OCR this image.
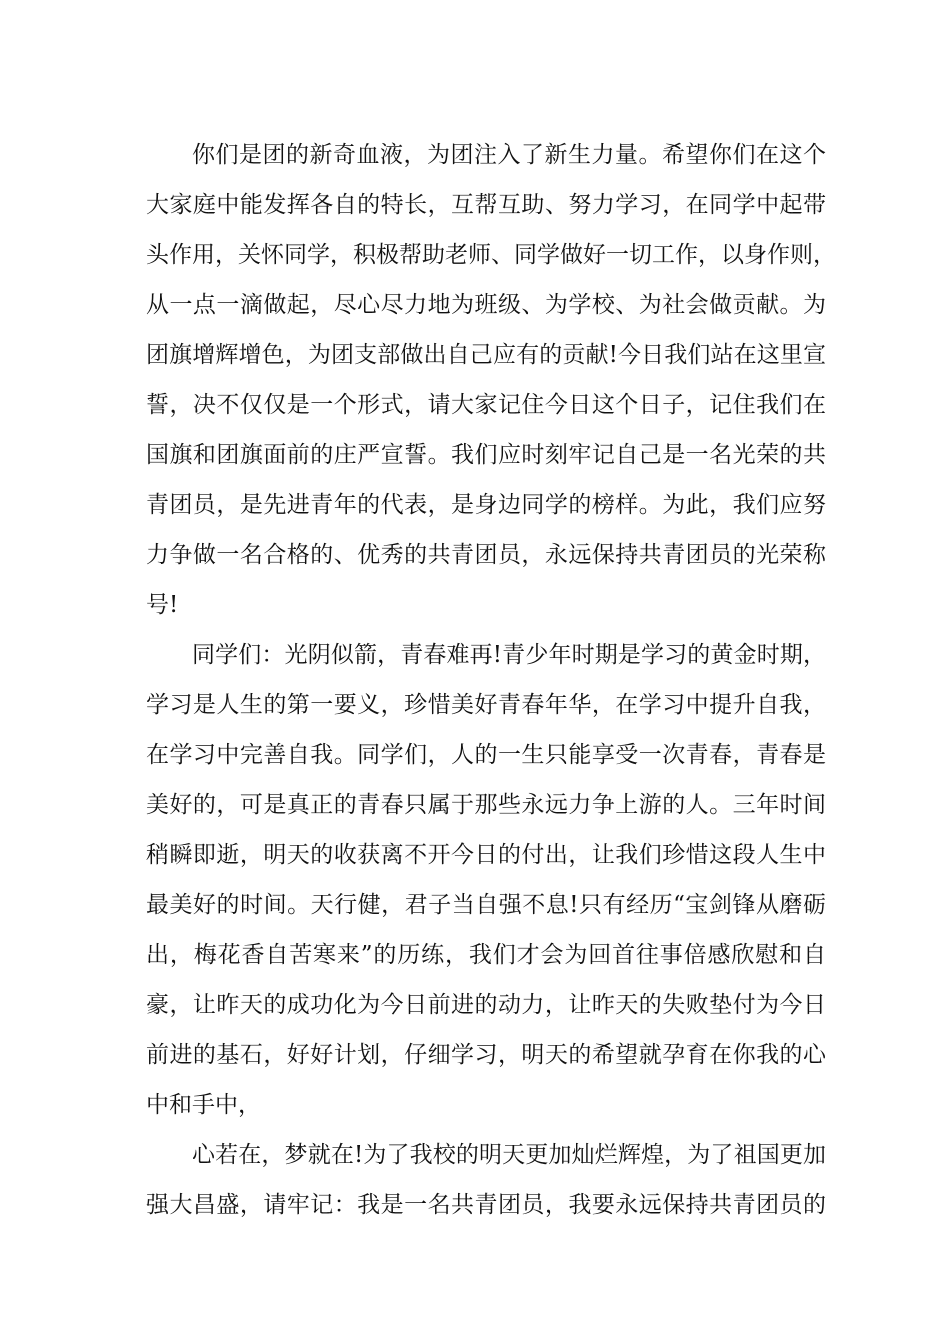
你们是团的新奇血液，为团注入了新生力量。希望你们在这个
大家庭中能发挥各自的特长，互帮互助、努力学习，在同学中起带
头作用，关怀同学，积极帮助老师、同学做好一切工作，以身作则，
从一点一滴做起，尽心尽力地为班级、为学校、为社会做贡献。为
团旗增辉增色，为团支部做出自己应有的贡献!今日我们站在这里宣
誓，决不仅仅是一个形式，请大家记住今日这个日子，记住我们在
国旗和团旗面前的庄严宣誓。我们应时刻牢记自己是一名光荣的共
青团员，是先进青年的代表，是身边同学的榜样。为此，我们应努
力争做一名合格的、优秀的共青团员，永远保持共青团员的光荣称
号!
同学们：光阴似箭，青春难再!青少年时期是学习的黄金时期，
学习是人生的第一要义，珍惜美好青春年华，在学习中提升自我，
在学习中完善自我。同学们，人的一生只能享受一次青春，青春是
美好的，可是真正的青春只属于那些永远力争上游的人。三年时间
稍瞬即逝，明天的收获离不开今日的付出，让我们珍惜这段人生中
最美好的时间。天行健，君子当自强不息!只有经历“宝剑锋从磨砺
出，梅花香自苦寒来”的历练，我们才会为回首往事倍感欣慰和自
豪，让昨天的成功化为今日前进的动力，让昨天的失败垫付为今日
前进的基石，好好计划，仔细学习，明天的希望就孕育在你我的心
中和手中，
心若在，梦就在!为了我校的明天更加灿烂辉煌，为了祖国更加
强大昌盛，请牢记：我是一名共青团员，我要永远保持共青团员的
